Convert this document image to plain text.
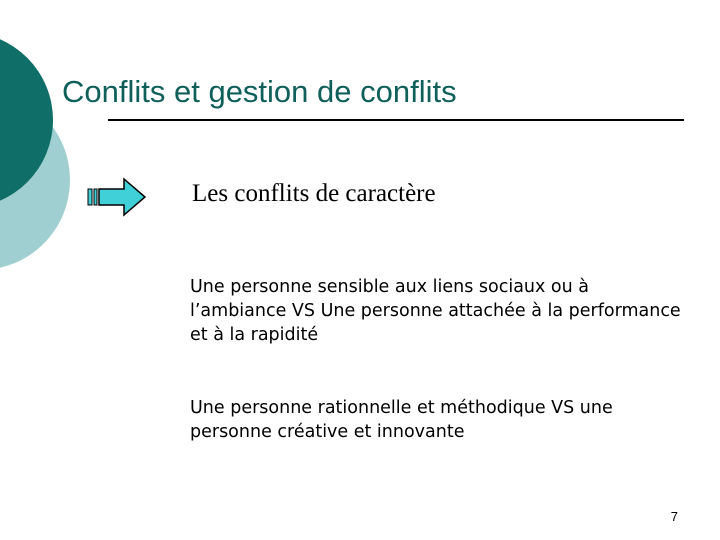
Conflits et gestion de conflits
Les conflits de caractère
Une personne sensible aux liens sociaux ou à l’ambiance VS Une personne attachée à la performance et à la rapidité
Une personne rationnelle et méthodique VS une personne créative et innovante
7
